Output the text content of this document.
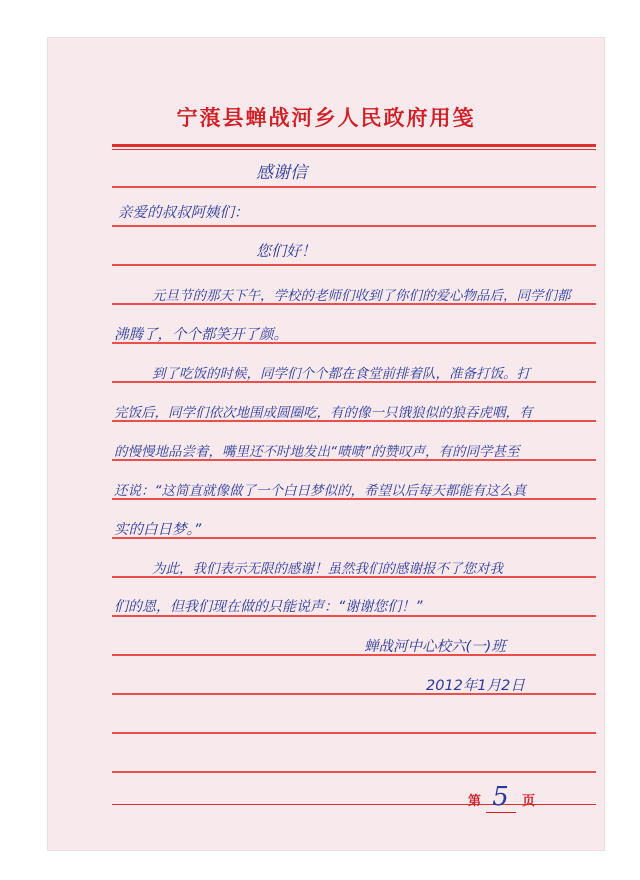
宁蒗县蝉战河乡人民政府用笺
感谢信
亲爱的叔叔阿姨们：
您们好！
元旦节的那天下午，学校的老师们收到了你们的爱心物品后，同学们都
沸腾了，个个都笑开了颜。
到了吃饭的时候，同学们个个都在食堂前排着队，准备打饭。打
完饭后，同学们依次地围成圆圈吃，有的像一只饿狼似的狼吞虎咽，有
的慢慢地品尝着，嘴里还不时地发出“啧啧”的赞叹声，有的同学甚至
还说：“这简直就像做了一个白日梦似的，希望以后每天都能有这么真
实的白日梦。”
为此，我们表示无限的感谢！虽然我们的感谢报不了您对我
们的恩，但我们现在做的只能说声：“谢谢您们！”
蝉战河中心校六(一)班
2012年1月2日
第 5 页
